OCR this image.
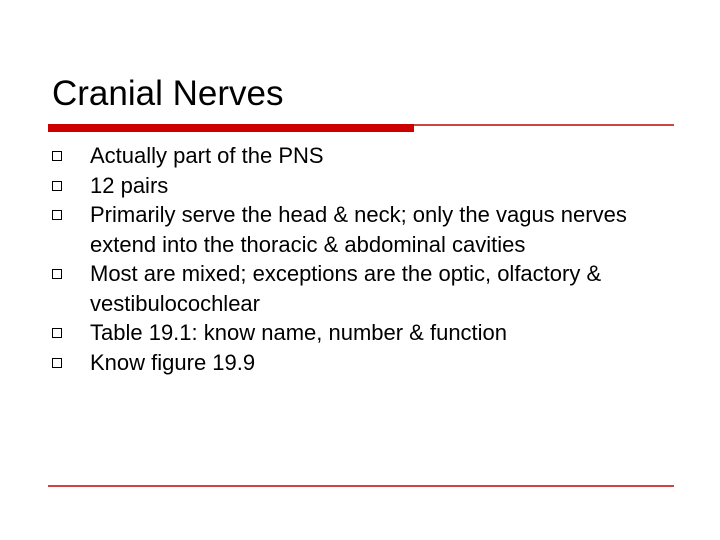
Cranial Nerves
Actually part of the PNS
12 pairs
Primarily serve the head & neck; only the vagus nerves extend into the thoracic & abdominal cavities
Most are mixed; exceptions are the optic, olfactory & vestibulocochlear
Table 19.1: know name, number & function
Know figure 19.9
